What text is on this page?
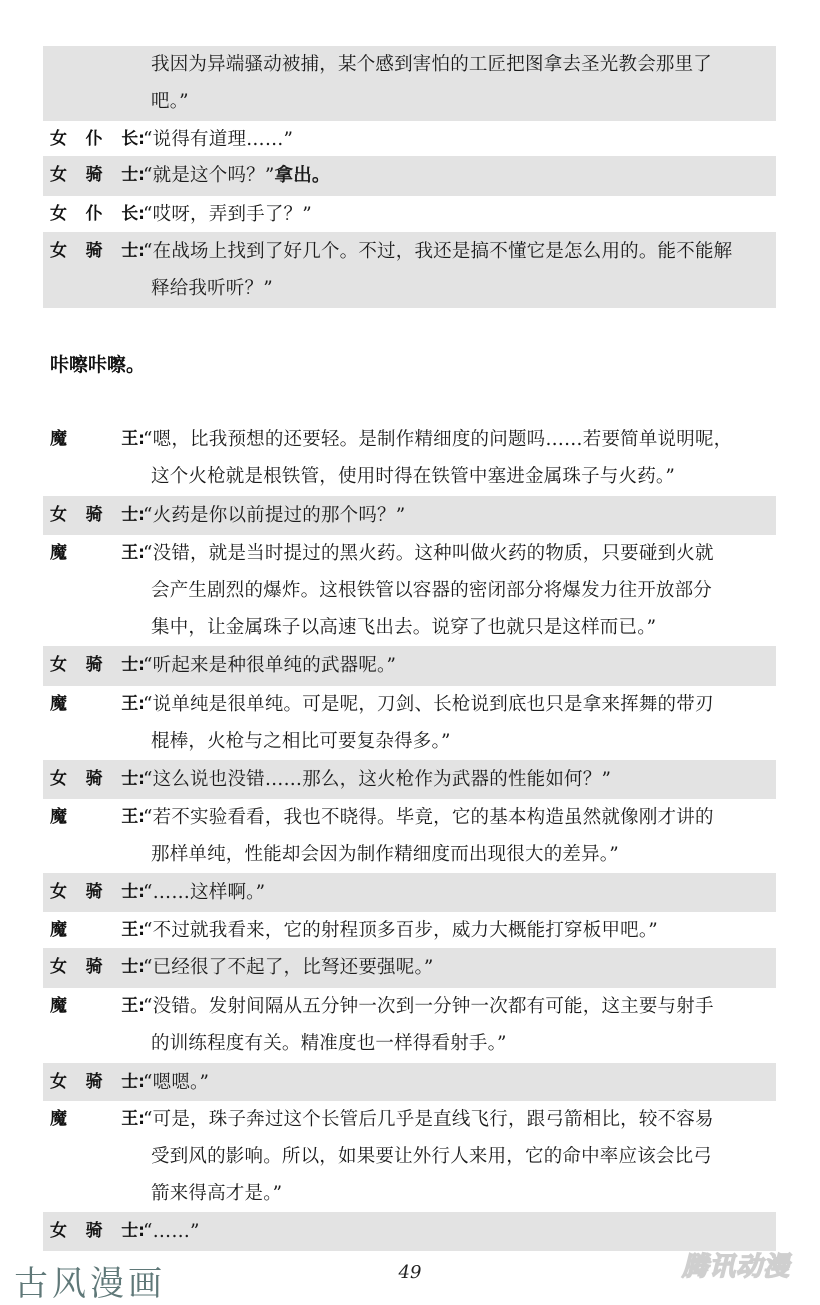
我因为异端骚动被捕，某个感到害怕的工匠把图拿去圣光教会那里了
吧。”
女 仆 长:
“说得有道理……”
女 骑 士:
“就是这个吗？”拿出。
女 仆 长:
“哎呀，弄到手了？”
女 骑 士:
“在战场上找到了好几个。不过，我还是搞不懂它是怎么用的。能不能解
释给我听听？”
咔嚓咔嚓。
魔	王:
“嗯，比我预想的还要轻。是制作精细度的问题吗……若要简单说明呢，
这个火枪就是根铁管，使用时得在铁管中塞进金属珠子与火药。”
女 骑 士:
“火药是你以前提过的那个吗？”
魔	王:
“没错，就是当时提过的黑火药。这种叫做火药的物质，只要碰到火就
会产生剧烈的爆炸。这根铁管以容器的密闭部分将爆发力往开放部分
集中，让金属珠子以高速飞出去。说穿了也就只是这样而已。”
女 骑 士:
“听起来是种很单纯的武器呢。”
魔	王:
“说单纯是很单纯。可是呢，刀剑、长枪说到底也只是拿来挥舞的带刃
棍棒，火枪与之相比可要复杂得多。”
女 骑 士:
“这么说也没错……那么，这火枪作为武器的性能如何？”
魔	王:
“若不实验看看，我也不晓得。毕竟，它的基本构造虽然就像刚才讲的
那样单纯，性能却会因为制作精细度而出现很大的差异。”
女 骑 士:
“……这样啊。”
魔	王:
“不过就我看来，它的射程顶多百步，威力大概能打穿板甲吧。”
女 骑 士:
“已经很了不起了，比弩还要强呢。”
魔	王:
“没错。发射间隔从五分钟一次到一分钟一次都有可能，这主要与射手
的训练程度有关。精准度也一样得看射手。”
女 骑 士:
“嗯嗯。”
魔	王:
“可是，珠子奔过这个长管后几乎是直线飞行，跟弓箭相比，较不容易
受到风的影响。所以，如果要让外行人来用，它的命中率应该会比弓
箭来得高才是。”
女 骑 士:
“……”
古风漫画	49	腾讯动漫
